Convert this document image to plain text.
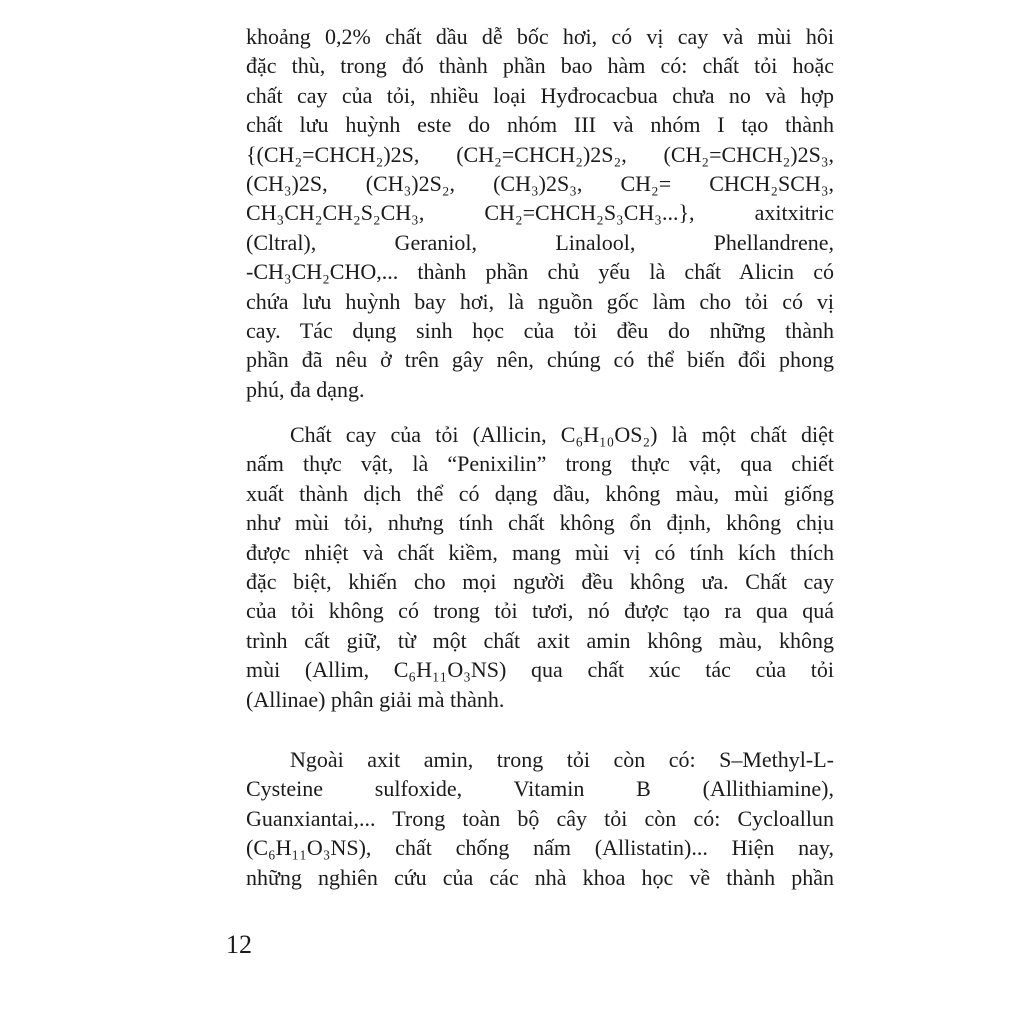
khoảng 0,2% chất dầu dễ bốc hơi, có vị cay và mùi hôi
đặc thù, trong đó thành phần bao hàm có: chất tỏi hoặc
chất cay của tỏi, nhiều loại Hyđrocacbua chưa no và hợp
chất lưu huỳnh este do nhóm III và nhóm I tạo thành
{(CH₂=CHCH₂)2S, (CH₂=CHCH₂)2S₂, (CH₂=CHCH₂)2S₃,
(CH₃)2S, (CH₃)2S₂, (CH₃)2S₃, CH₂= CHCH₂SCH₃,
CH₃CH₂CH₂S₂CH₃, CH₂=CHCH₂S₃CH₃...}, axitxitric
(Cltral), Geraniol, Linalool, Phellandrene,
-CH₃CH₂CHO,... thành phần chủ yếu là chất Alicin có
chứa lưu huỳnh bay hơi, là nguồn gốc làm cho tỏi có vị
cay. Tác dụng sinh học của tỏi đều do những thành
phần đã nêu ở trên gây nên, chúng có thể biến đổi phong
phú, đa dạng.
Chất cay của tỏi (Allicin, C₆H₁₀OS₂) là một chất diệt
nấm thực vật, là “Penixilin” trong thực vật, qua chiết
xuất thành dịch thể có dạng dầu, không màu, mùi giống
như mùi tỏi, nhưng tính chất không ổn định, không chịu
được nhiệt và chất kiềm, mang mùi vị có tính kích thích
đặc biệt, khiến cho mọi người đều không ưa. Chất cay
của tỏi không có trong tỏi tươi, nó được tạo ra qua quá
trình cất giữ, từ một chất axit amin không màu, không
mùi (Allim, C₆H₁₁O₃NS) qua chất xúc tác của tỏi
(Allinae) phân giải mà thành.
Ngoài axit amin, trong tỏi còn có: S–Methyl-L-
Cysteine sulfoxide, Vitamin B (Allithiamine),
Guanxiantai,... Trong toàn bộ cây tỏi còn có: Cycloallun
(C₆H₁₁O₃NS), chất chống nấm (Allistatin)... Hiện nay,
những nghiên cứu của các nhà khoa học về thành phần
12
